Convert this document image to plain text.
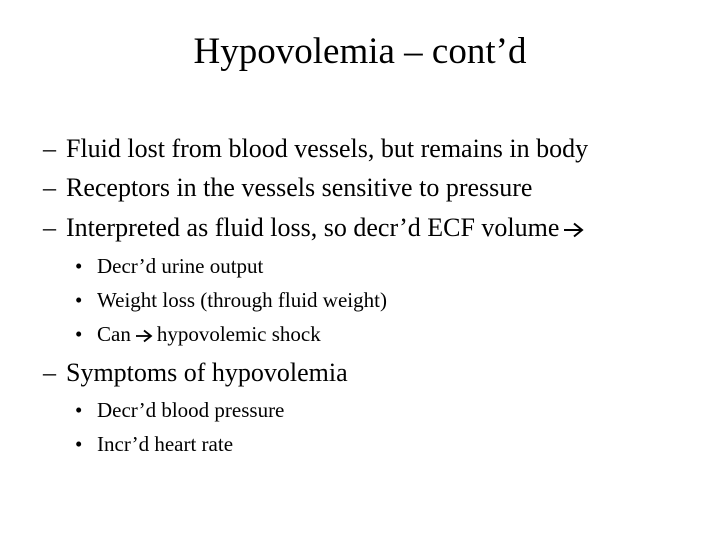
Hypovolemia – cont’d
– Fluid lost from blood vessels, but remains in body
– Receptors in the vessels sensitive to pressure
– Interpreted as fluid loss, so decr’d ECF volume
• Decr’d urine output
• Weight loss (through fluid weight)
• Can hypovolemic shock
– Symptoms of hypovolemia
• Decr’d blood pressure
• Incr’d heart rate
